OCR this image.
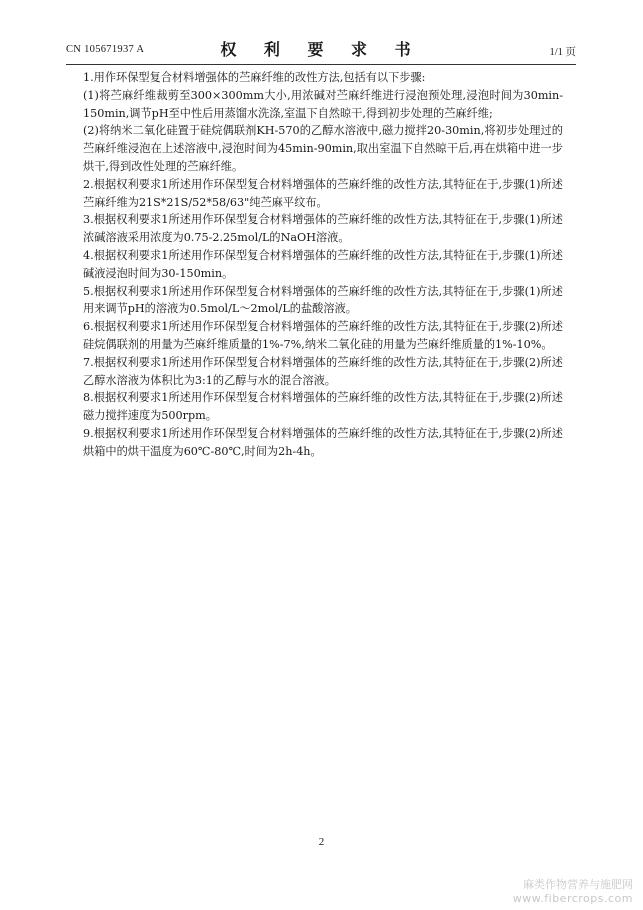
CN 105671937 A	权 利 要 求 书	1/1 页

1.用作环保型复合材料增强体的苎麻纤维的改性方法,包括有以下步骤:

(1)将苎麻纤维裁剪至300×300mm大小,用浓碱对苎麻纤维进行浸泡预处理,浸泡时间为30min-150min,调节pH至中性后用蒸馏水洗涤,室温下自然晾干,得到初步处理的苎麻纤维;

(2)将纳米二氧化硅置于硅烷偶联剂KH-570的乙醇水溶液中,磁力搅拌20-30min,将初步处理过的苎麻纤维浸泡在上述溶液中,浸泡时间为45min-90min,取出室温下自然晾干后,再在烘箱中进一步烘干,得到改性处理的苎麻纤维。

2.根据权利要求1所述用作环保型复合材料增强体的苎麻纤维的改性方法,其特征在于,步骤(1)所述苎麻纤维为21S*21S/52*58/63"纯苎麻平纹布。

3.根据权利要求1所述用作环保型复合材料增强体的苎麻纤维的改性方法,其特征在于,步骤(1)所述浓碱溶液采用浓度为0.75-2.25mol/L的NaOH溶液。

4.根据权利要求1所述用作环保型复合材料增强体的苎麻纤维的改性方法,其特征在于,步骤(1)所述碱液浸泡时间为30-150min。

5.根据权利要求1所述用作环保型复合材料增强体的苎麻纤维的改性方法,其特征在于,步骤(1)所述用来调节pH的溶液为0.5mol/L～2mol/L的盐酸溶液。

6.根据权利要求1所述用作环保型复合材料增强体的苎麻纤维的改性方法,其特征在于,步骤(2)所述硅烷偶联剂的用量为苎麻纤维质量的1%-7%,纳米二氧化硅的用量为苎麻纤维质量的1%-10%。

7.根据权利要求1所述用作环保型复合材料增强体的苎麻纤维的改性方法,其特征在于,步骤(2)所述乙醇水溶液为体积比为3:1的乙醇与水的混合溶液。

8.根据权利要求1所述用作环保型复合材料增强体的苎麻纤维的改性方法,其特征在于,步骤(2)所述磁力搅拌速度为500rpm。

9.根据权利要求1所述用作环保型复合材料增强体的苎麻纤维的改性方法,其特征在于,步骤(2)所述烘箱中的烘干温度为60℃-80℃,时间为2h-4h。

2
麻类作物营养与施肥网
www.fibercrops.com
